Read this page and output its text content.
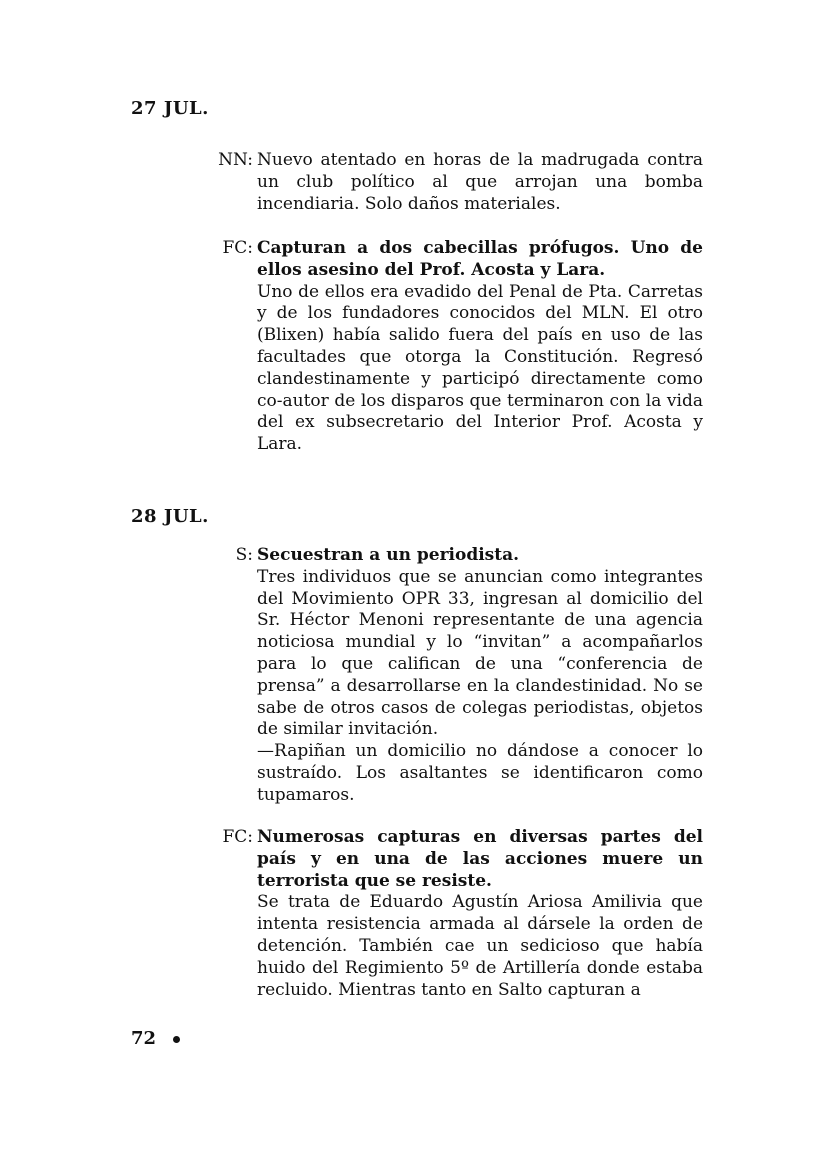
27 JUL.
NN: Nuevo atentado en horas de la madrugada contra un club político al que arrojan una bomba incendiaria. Solo daños materiales.

FC: Capturan a dos cabecillas prófugos. Uno de ellos asesino del Prof. Acosta y Lara.

Uno de ellos era evadido del Penal de Pta. Carretas y de los fundadores conocidos del MLN. El otro (Blixen) había salido fuera del país en uso de las facultades que otorga la Constitución. Regresó clandestinamente y participó directamente como co-autor de los disparos que terminaron con la vida del ex subsecretario del Interior Prof. Acosta y Lara.

28 JUL.
S: Secuestran a un periodista.

Tres individuos que se anuncian como integrantes del Movimiento OPR 33, ingresan al domicilio del Sr. Héctor Menoni representante de una agencia noticiosa mundial y lo “invitan” a acompañarlos para lo que califican de una “conferencia de prensa” a desarrollarse en la clandestinidad. No se sabe de otros casos de colegas periodistas, objetos de similar invitación.

—Rapiñan un domicilio no dándose a conocer lo sustraído. Los asaltantes se identificaron como tupamaros.

FC: Numerosas capturas en diversas partes del país y en una de las acciones muere un terrorista que se resiste.

Se trata de Eduardo Agustín Ariosa Amilivia que intenta resistencia armada al dársele la orden de detención. También cae un sedicioso que había huido del Regimiento 5º de Artillería donde estaba recluido. Mientras tanto en Salto capturan a

72
